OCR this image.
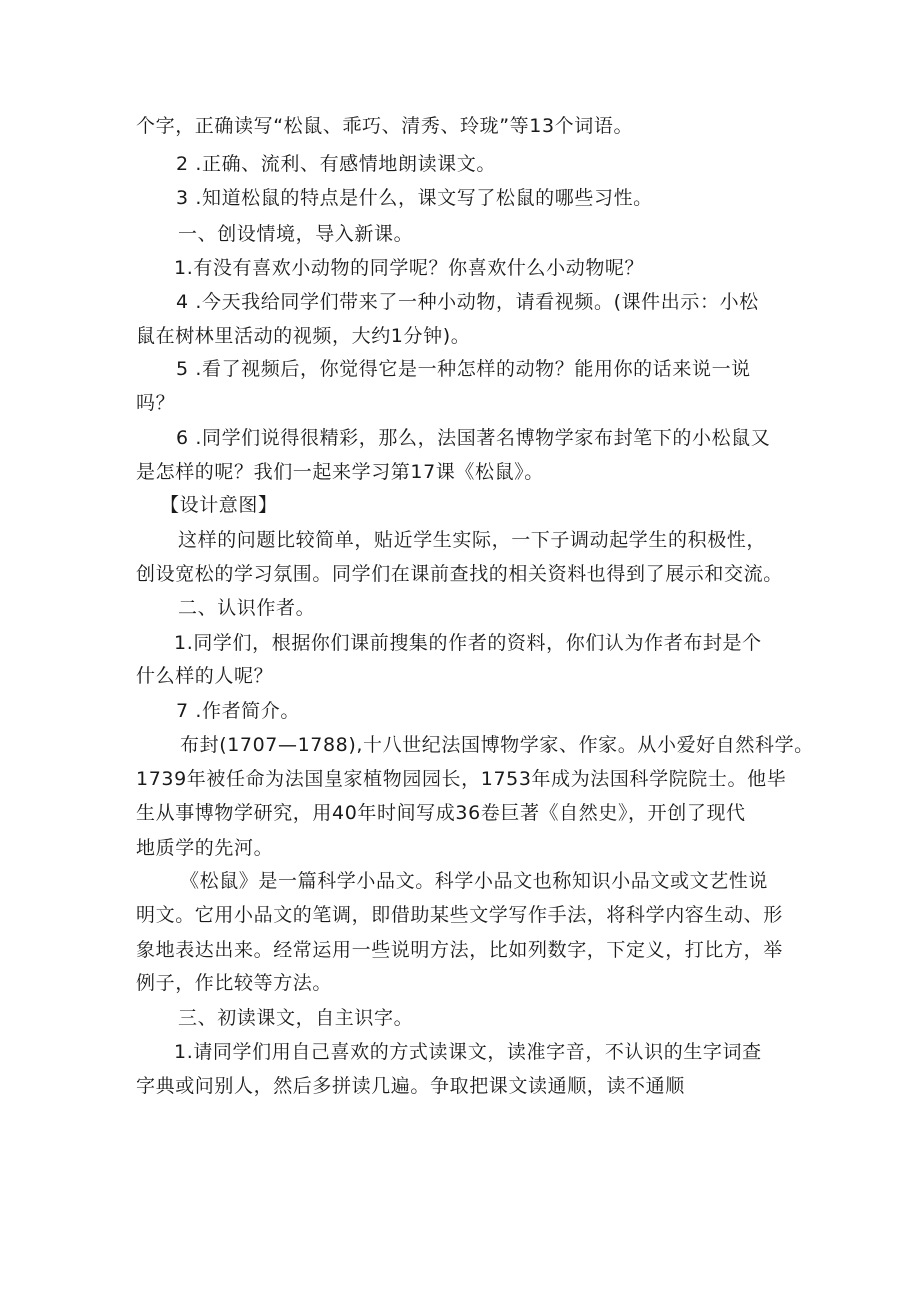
个字，正确读写“松鼠、乖巧、清秀、玲珑”等13个词语。
2 .正确、流利、有感情地朗读课文。
3 .知道松鼠的特点是什么，课文写了松鼠的哪些习性。
一、创设情境，导入新课。
1.有没有喜欢小动物的同学呢？你喜欢什么小动物呢？
4 .今天我给同学们带来了一种小动物，请看视频。(课件出示：小松
鼠在树林里活动的视频，大约1分钟)。
5 .看了视频后，你觉得它是一种怎样的动物？能用你的话来说一说
吗？
6 .同学们说得很精彩，那么，法国著名博物学家布封笔下的小松鼠又
是怎样的呢？我们一起来学习第17课《松鼠》。
【设计意图】
这样的问题比较简单，贴近学生实际，一下子调动起学生的积极性，
创设宽松的学习氛围。同学们在课前查找的相关资料也得到了展示和交流。
二、认识作者。
1.同学们，根据你们课前搜集的作者的资料，你们认为作者布封是个
什么样的人呢？
7 .作者简介。
布封(1707—1788),十八世纪法国博物学家、作家。从小爱好自然科学。
1739年被任命为法国皇家植物园园长，1753年成为法国科学院院士。他毕
生从事博物学研究，用40年时间写成36卷巨著《自然史》，开创了现代
地质学的先河。
《松鼠》是一篇科学小品文。科学小品文也称知识小品文或文艺性说
明文。它用小品文的笔调，即借助某些文学写作手法，将科学内容生动、形
象地表达出来。经常运用一些说明方法，比如列数字，下定义，打比方，举
例子，作比较等方法。
三、初读课文，自主识字。
1.请同学们用自己喜欢的方式读课文，读准字音，不认识的生字词查
字典或问别人，然后多拼读几遍。争取把课文读通顺，读不通顺
